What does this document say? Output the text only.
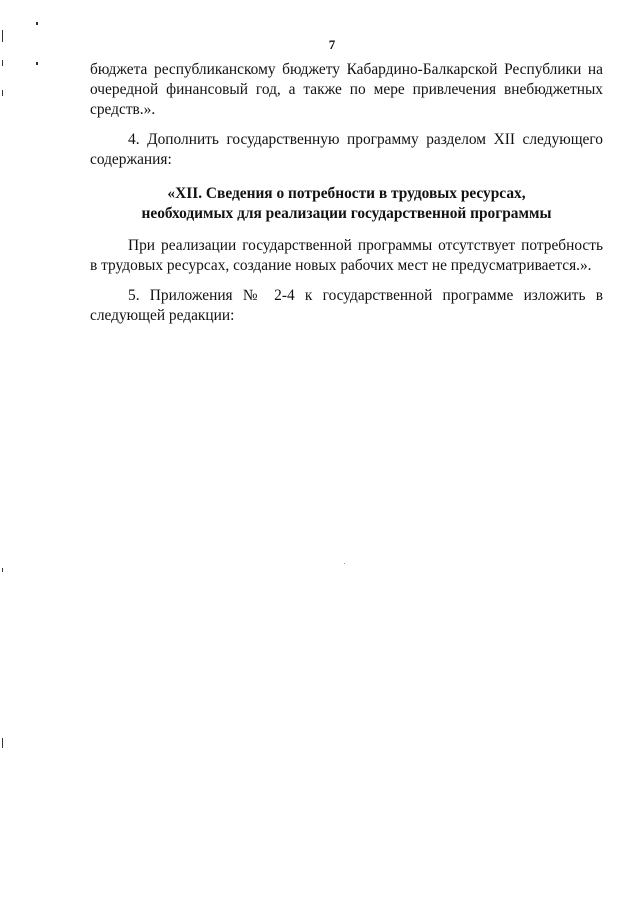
7

бюджета республиканскому бюджету Кабардино-Балкарской Республики на очередной финансовый год, а также по мере привлечения внебюджетных средств.».

4. Дополнить государственную программу разделом XII следующего содержания:

«XII. Сведения о потребности в трудовых ресурсах,
необходимых для реализации государственной программы

При реализации государственной программы отсутствует потребность в трудовых ресурсах, создание новых рабочих мест не предусматривается.».

5. Приложения № 2-4 к государственной программе изложить в следующей редакции:
